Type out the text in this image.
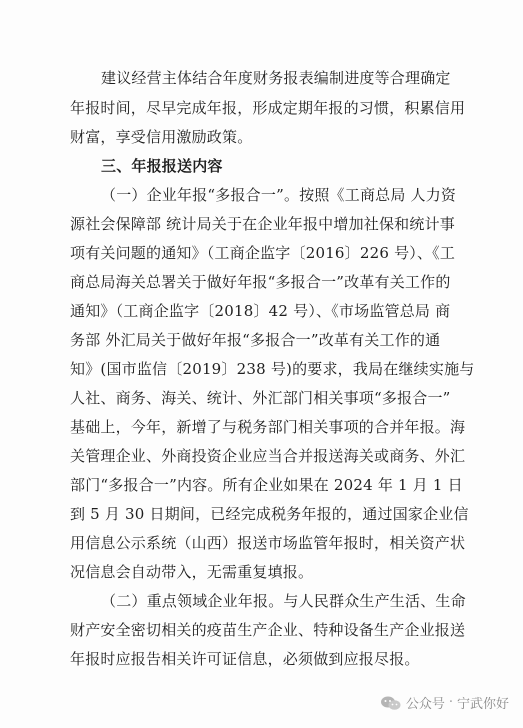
建议经营主体结合年度财务报表编制进度等合理确定
年报时间，尽早完成年报，形成定期年报的习惯，积累信用
财富，享受信用激励政策。
三、年报报送内容
（一）企业年报“多报合一”。按照《工商总局 人力资
源社会保障部 统计局关于在企业年报中增加社保和统计事
项有关问题的通知》（工商企监字〔2016〕226 号）、《工
商总局海关总署关于做好年报“多报合一”改革有关工作的
通知》（工商企监字〔2018〕42 号）、《市场监管总局 商
务部 外汇局关于做好年报“多报合一”改革有关工作的通
知》(国市监信〔2019〕238 号)的要求，我局在继续实施与
人社、商务、海关、统计、外汇部门相关事项“多报合一”
基础上，今年，新增了与税务部门相关事项的合并年报。海
关管理企业、外商投资企业应当合并报送海关或商务、外汇
部门“多报合一”内容。所有企业如果在 2024 年 1 月 1 日
到 5 月 30 日期间，已经完成税务年报的，通过国家企业信
用信息公示系统（山西）报送市场监管年报时，相关资产状
况信息会自动带入，无需重复填报。
（二）重点领域企业年报。与人民群众生产生活、生命
财产安全密切相关的疫苗生产企业、特种设备生产企业报送
年报时应报告相关许可证信息，必须做到应报尽报。
公众号 · 宁武你好
